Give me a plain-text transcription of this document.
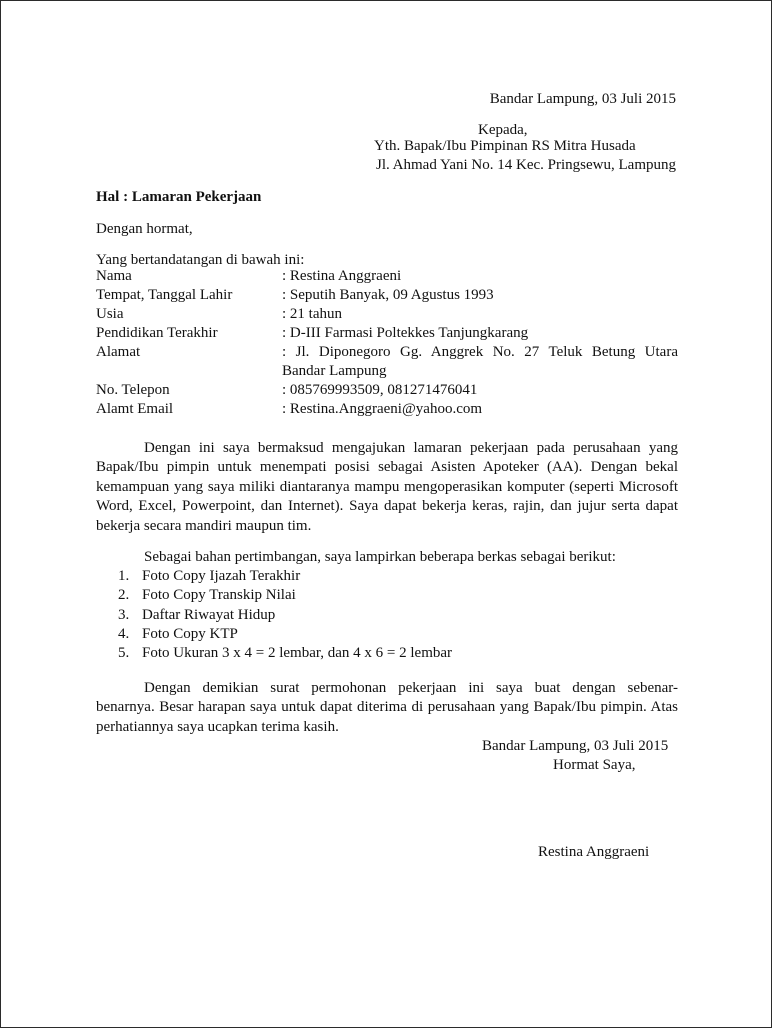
Bandar Lampung, 03 Juli 2015
Kepada,
Yth. Bapak/Ibu Pimpinan RS Mitra Husada
Jl. Ahmad Yani No. 14 Kec. Pringsewu, Lampung
Hal : Lamaran Pekerjaan
Dengan hormat,
Yang bertandatangan di bawah ini:
Nama	: Restina Anggraeni
Tempat, Tanggal Lahir	: Seputih Banyak, 09 Agustus 1993
Usia	: 21 tahun
Pendidikan Terakhir	: D-III Farmasi Poltekkes Tanjungkarang
Alamat	: Jl. Diponegoro Gg. Anggrek No. 27 Teluk Betung Utara
Bandar Lampung
No. Telepon	: 085769993509, 081271476041
Alamt Email	: Restina.Anggraeni@yahoo.com
Dengan ini saya bermaksud mengajukan lamaran pekerjaan pada perusahaan yang Bapak/Ibu pimpin untuk menempati posisi sebagai Asisten Apoteker (AA). Dengan bekal kemampuan yang saya miliki diantaranya mampu mengoperasikan komputer (seperti Microsoft Word, Excel, Powerpoint, dan Internet). Saya dapat bekerja keras, rajin, dan jujur serta dapat bekerja secara mandiri maupun tim.
Sebagai bahan pertimbangan, saya lampirkan beberapa berkas sebagai berikut:
1. Foto Copy Ijazah Terakhir
2. Foto Copy Transkip Nilai
3. Daftar Riwayat Hidup
4. Foto Copy KTP
5. Foto Ukuran 3 x 4 = 2 lembar, dan 4 x 6 = 2 lembar
Dengan demikian surat permohonan pekerjaan ini saya buat dengan sebenar-
benarnya. Besar harapan saya untuk dapat diterima di perusahaan yang Bapak/Ibu pimpin. Atas perhatiannya saya ucapkan terima kasih.
Bandar Lampung, 03 Juli 2015
Hormat Saya,
Restina Anggraeni
